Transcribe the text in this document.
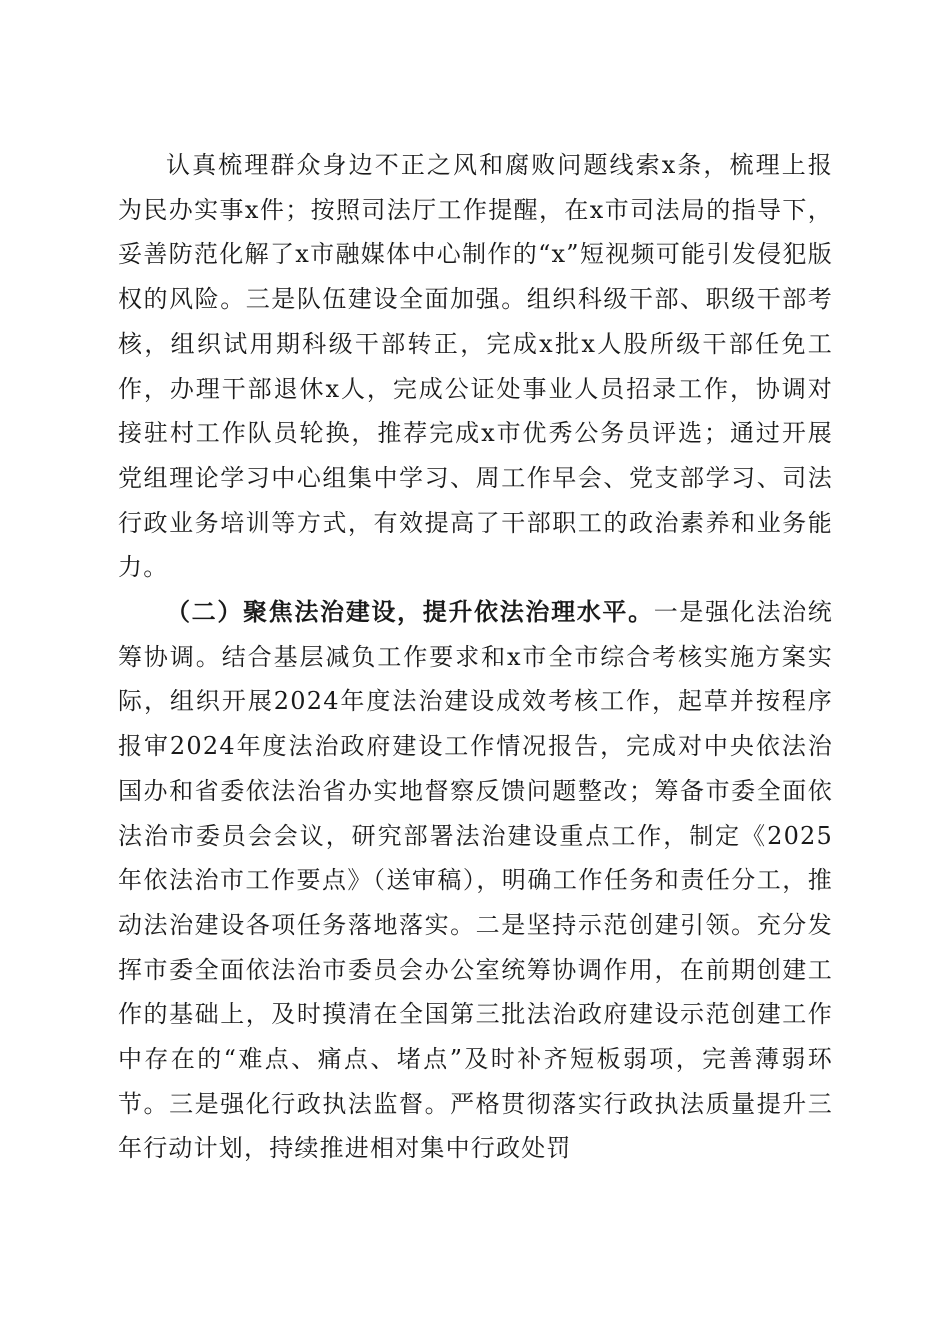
认真梳理群众身边不正之风和腐败问题线索x条，梳理上报为民办实事x件；按照司法厅工作提醒，在x市司法局的指导下，妥善防范化解了x市融媒体中心制作的“x”短视频可能引发侵犯版权的风险。三是队伍建设全面加强。组织科级干部、职级干部考核，组织试用期科级干部转正，完成x批x人股所级干部任免工作，办理干部退休x人，完成公证处事业人员招录工作，协调对接驻村工作队员轮换，推荐完成x市优秀公务员评选；通过开展党组理论学习中心组集中学习、周工作早会、党支部学习、司法行政业务培训等方式，有效提高了干部职工的政治素养和业务能力。

（二）聚焦法治建设，提升依法治理水平。一是强化法治统筹协调。结合基层减负工作要求和x市全市综合考核实施方案实际，组织开展2024年度法治建设成效考核工作，起草并按程序报审2024年度法治政府建设工作情况报告，完成对中央依法治国办和省委依法治省办实地督察反馈问题整改；筹备市委全面依法治市委员会会议，研究部署法治建设重点工作，制定《2025年依法治市工作要点》（送审稿），明确工作任务和责任分工，推动法治建设各项任务落地落实。二是坚持示范创建引领。充分发挥市委全面依法治市委员会办公室统筹协调作用，在前期创建工作的基础上，及时摸清在全国第三批法治政府建设示范创建工作中存在的“难点、痛点、堵点”及时补齐短板弱项，完善薄弱环节。三是强化行政执法监督。严格贯彻落实行政执法质量提升三年行动计划，持续推进相对集中行政处罚
